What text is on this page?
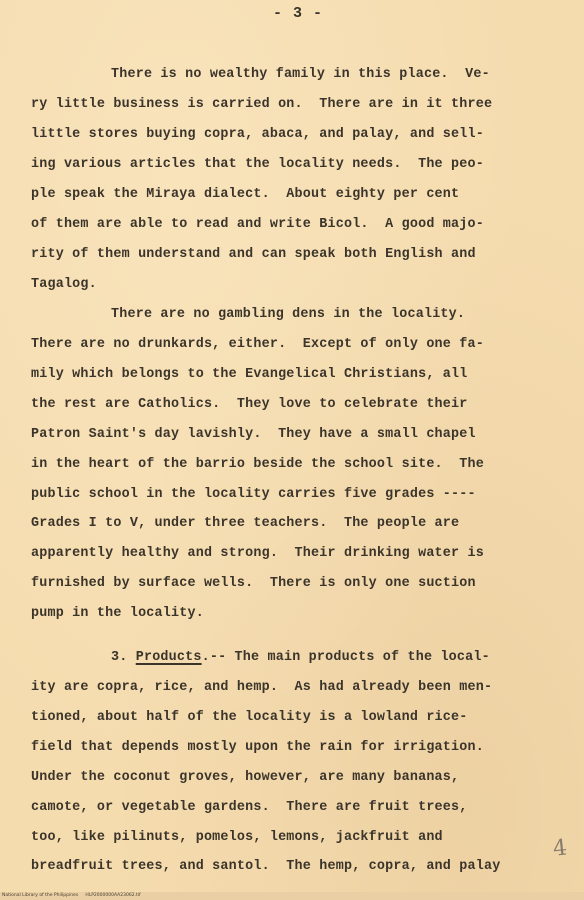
- 3 -
There is no wealthy family in this place.  Ve-
ry little business is carried on.  There are in it three
little stores buying copra, abaca, and palay, and sell-
ing various articles that the locality needs.  The peo-
ple speak the Miraya dialect.  About eighty per cent
of them are able to read and write Bicol.  A good majo-
rity of them understand and can speak both English and
Tagalog.
There are no gambling dens in the locality.
There are no drunkards, either.  Except of only one fa-
mily which belongs to the Evangelical Christians, all
the rest are Catholics.  They love to celebrate their
Patron Saint's day lavishly.  They have a small chapel
in the heart of the barrio beside the school site.  The
public school in the locality carries five grades ----
Grades I to V, under three teachers.  The people are
apparently healthy and strong.  Their drinking water is
furnished by surface wells.  There is only one suction
pump in the locality.
3. Products.-- The main products of the local-
ity are copra, rice, and hemp.  As had already been men-
tioned, about half of the locality is a lowland rice-
field that depends mostly upon the rain for irrigation.
Under the coconut groves, however, are many bananas,
camote, or vegetable gardens.  There are fruit trees,
too, like pilinuts, pomelos, lemons, jackfruit and
breadfruit trees, and santol.  The hemp, copra, and palay
4
National Library of the Philippines     HLP2000000AA23062.tif
